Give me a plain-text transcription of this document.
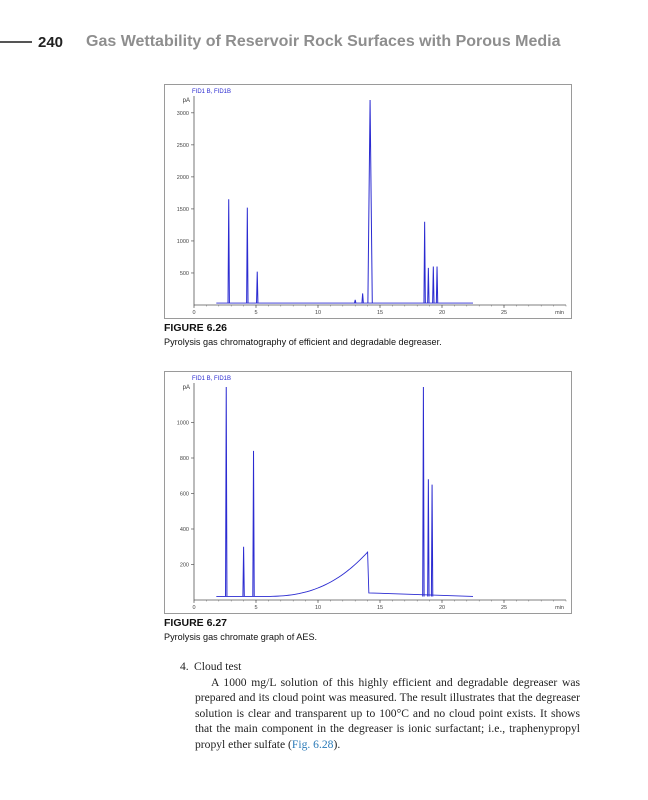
240 Gas Wettability of Reservoir Rock Surfaces with Porous Media
FID1 B, FID1B
pA
500
1000
1500
2000
2500
3000
0	5	10	15	20	25	min
FIGURE 6.26
Pyrolysis gas chromatography of efficient and degradable degreaser.
FID1 B, FID1B
pA
200
400
600
800
1000
0	5	10	15	20	25	min
FIGURE 6.27
Pyrolysis gas chromate graph of AES.

4. Cloud test

A 1000 mg/L solution of this highly efficient and degradable degreaser was prepared and its cloud point was measured. The result illustrates that the degreaser solution is clear and transparent up to 100°C and no cloud point exists. It shows that the main component in the degreaser is ionic surfactant; i.e., traphenypropyl propyl ether sulfate (Fig. 6.28).
